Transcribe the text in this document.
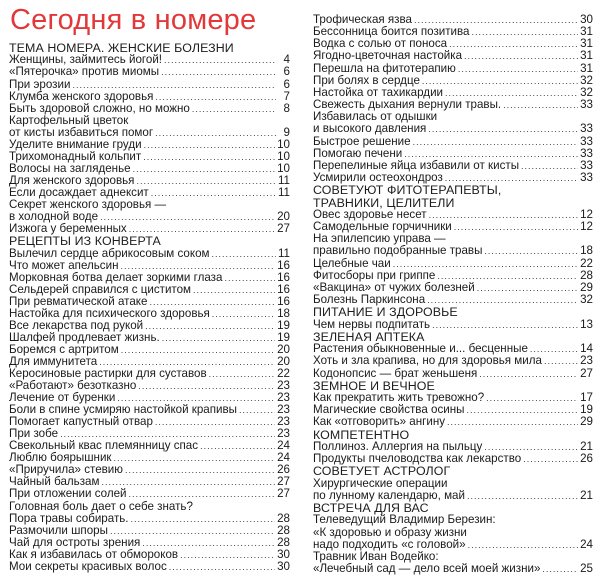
Сегодня в номере
ТЕМА НОМЕРА. ЖЕНСКИЕ БОЛЕЗНИ
Женщины, займитесь йогой! .....	4
«Пятерочка» против миомы .....	6
При эрозии .....	6
Клумба женского здоровья .....	7
Быть здоровой сложно, но можно .....	8
Картофельный цветок
от кисты избавиться помог .....	9
Уделите внимание груди .....	10
Трихомонадный кольпит .....	10
Волосы на загляденье .....	10
Для женского здоровья .....	11
Если досаждает аднексит .....	11
Секрет женского здоровья —
в холодной воде .....	20
Изжога у беременных .....	27
РЕЦЕПТЫ ИЗ КОНВЕРТА
Вылечил сердце абрикосовым соком .....	11
Что может апельсин .....	16
Морковная ботва делает зоркими глаза .....	16
Сельдерей справился с циститом .....	16
При ревматической атаке .....	16
Настойка для психического здоровья .....	18
Все лекарства под рукой .....	19
Шалфей продлевает жизнь. .....	19
Боремся с артритом .....	20
Для иммунитета .....	20
Керосиновые растирки для суставов .....	22
«Работают» безотказно .....	23
Лечение от буренки .....	23
Боли в спине усмиряю настойкой крапивы .....	23
Помогает капустный отвар .....	23
При зобе .....	23
Свекольный квас племянницу спас .....	24
Люблю боярышник .....	24
«Приручила» стевию .....	26
Чайный бальзам .....	27
При отложении солей .....	27
Головная боль дает о себе знать?
Пора травы собирать. .....	28
Размочили шпоры .....	28
Чай для остроты зрения .....	28
Как я избавилась от обмороков .....	30
Мои секреты красивых волос .....	30
Трофическая язва .....	30
Бессонница боится позитива .....	31
Водка с солью от поноса .....	31
Ягодно-цветочная настойка .....	31
Перешла на фитотерапию .....	31
При болях в сердце .....	32
Настойка от тахикардии .....	32
Свежесть дыхания вернули травы. .....	33
Избавилась от одышки
и высокого давления .....	33
Быстрое решение .....	33
Помогаю печени .....	33
Перепелиные яйца избавили от кисты .....	33
Усмирили остеохондроз .....	33
СОВЕТУЮТ ФИТОТЕРАПЕВТЫ,
ТРАВНИКИ, ЦЕЛИТЕЛИ
Овес здоровье несет .....	12
Самодельные горчичники .....	12
На эпилепсию управа —
правильно подобранные травы .....	18
Целебные чаи .....	22
Фитосборы при гриппе .....	28
«Вакцина» от чужих болезней .....	29
Болезнь Паркинсона .....	32
ПИТАНИЕ И ЗДОРОВЬЕ
Чем нервы подпитать .....	13
ЗЕЛЕНАЯ АПТЕКА
Растения обыкновенные и... бесценные .....	14
Хоть и зла крапива, но для здоровья мила .....	23
Кодонопсис — брат женьшеня .....	27
ЗЕМНОЕ И ВЕЧНОЕ
Как прекратить жить тревожно? .....	17
Магические свойства осины .....	19
Как «отговорить» ангину .....	29
КОМПЕТЕНТНО
Поллиноз. Аллергия на пыльцу .....	21
Продукты пчеловодства как лекарство .....	26
СОВЕТУЕТ АСТРОЛОГ
Хирургические операции
по лунному календарю, май .....	21
ВСТРЕЧА ДЛЯ ВАС
Телеведущий Владимир Березин:
«К здоровью и образу жизни
надо подходить «с головой» .....	24
Травник Иван Водейко:
«Лечебный сад — дело всей моей жизни» .....	25
